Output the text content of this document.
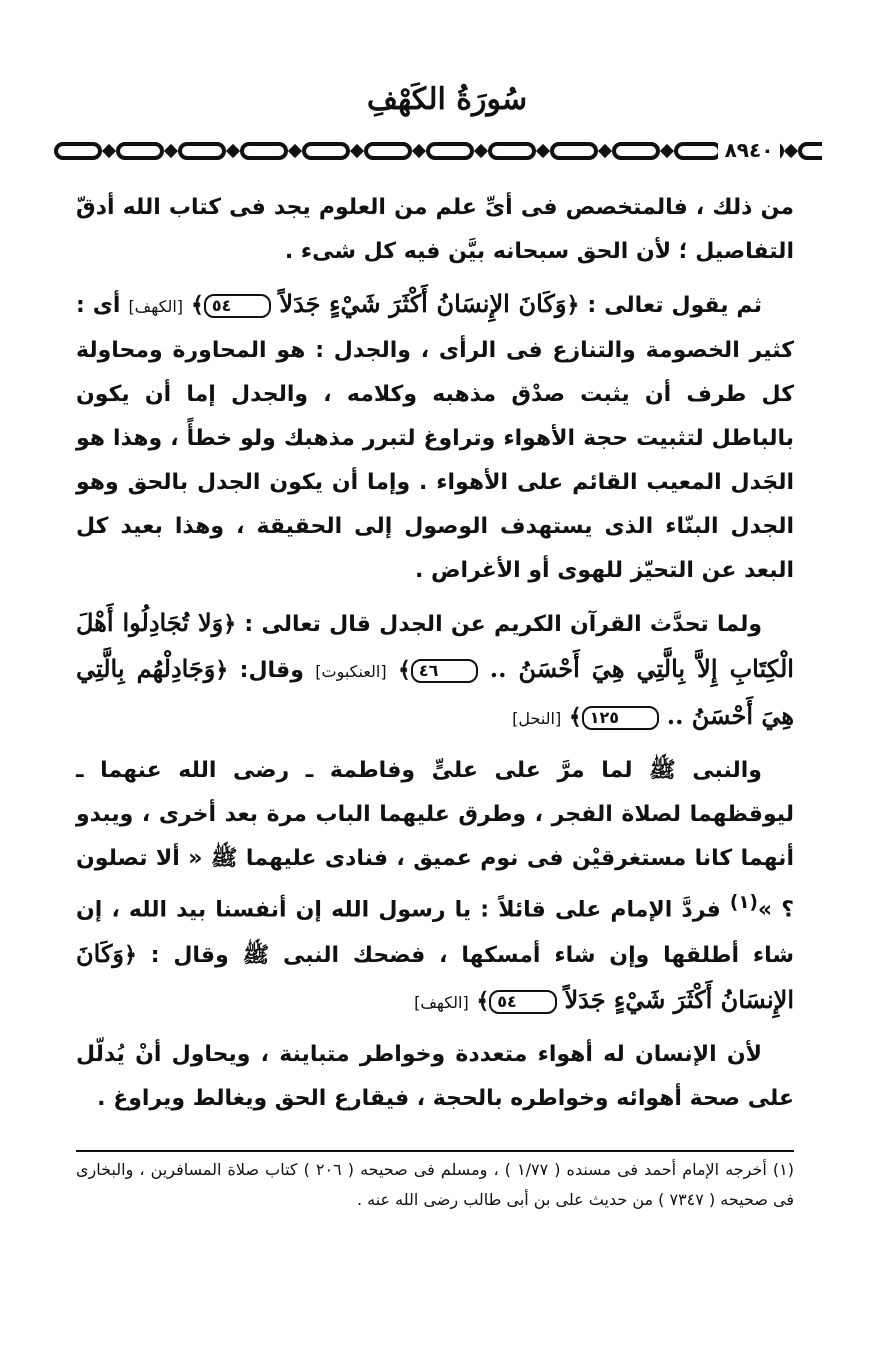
سُورَةُ الكَهْفِ
٨٩٤٠

من ذلك ، فالمتخصص فى أىِّ علم من العلوم يجد فى كتاب الله أدقّ التفاصيل ؛ لأن الحق سبحانه بيَّن فيه كل شىء .

ثم يقول تعالى : ﴿وَكَانَ الإِنسَانُ أَكْثَرَ شَيْءٍ جَدَلاً ٥٤﴾ [الكهف] أى : كثير الخصومة والتنازع فى الرأى ، والجدل : هو المحاورة ومحاولة كل طرف أن يثبت صدْق مذهبه وكلامه ، والجدل إما أن يكون بالباطل لتثبيت حجة الأهواء وتراوغ لتبرر مذهبك ولو خطأً ، وهذا هو الجَدل المعيب القائم على الأهواء . وإما أن يكون الجدل بالحق وهو الجدل البنّاء الذى يستهدف الوصول إلى الحقيقة ، وهذا بعيد كل البعد عن التحيّز للهوى أو الأغراض .

ولما تحدَّث القرآن الكريم عن الجدل قال تعالى : ﴿وَلا تُجَادِلُوا أَهْلَ الْكِتَابِ إِلاَّ بِالَّتِي هِيَ أَحْسَنُ .. ٤٦﴾ [العنكبوت] وقال: ﴿وَجَادِلْهُم بِالَّتِي هِيَ أَحْسَنُ .. ١٢٥﴾ [النحل]

والنبى ﷺ لما مرَّ على علىٍّ وفاطمة ـ رضى الله عنهما ـ ليوقظهما لصلاة الفجر ، وطرق عليهما الباب مرة بعد أخرى ، ويبدو أنهما كانا مستغرقيْن فى نوم عميق ، فنادى عليهما ﷺ « ألا تصلون ؟ »$^{(١)}$ فردَّ الإمام على قائلاً : يا رسول الله إن أنفسنا بيد الله ، إن شاء أطلقها وإن شاء أمسكها ، فضحك النبى ﷺ وقال : ﴿وَكَانَ الإِنسَانُ أَكْثَرَ شَيْءٍ جَدَلاً ٥٤﴾ [الكهف]

لأن الإنسان له أهواء متعددة وخواطر متباينة ، ويحاول أنْ يُدلّل على صحة أهوائه وخواطره بالحجة ، فيقارع الحق ويغالط ويراوغ .

(١) أخرجه الإمام أحمد فى مسنده ( ١/٧٧ ) ، ومسلم فى صحيحه ( ٢٠٦ ) كتاب صلاة المسافرين ، والبخارى فى صحيحه ( ٧٣٤٧ ) من حديث على بن أبى طالب رضى الله عنه .
